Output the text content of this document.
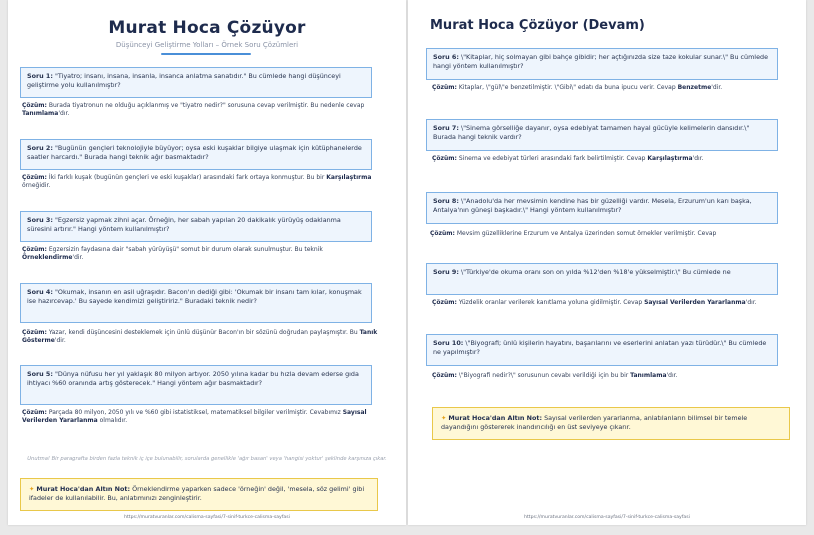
Murat Hoca Çözüyor
Düşünceyi Geliştirme Yolları – Örnek Soru Çözümleri
Soru 1: "Tiyatro; insanı, insana, insanla, insanca anlatma sanatıdır." Bu cümlede hangi düşünceyi geliştirme yolu kullanılmıştır?
Çözüm: Burada tiyatronun ne olduğu açıklanmış ve "tiyatro nedir?" sorusuna cevap verilmiştir. Bu nedenle cevap Tanımlama'dır.
Soru 2: "Bugünün gençleri teknolojiyle büyüyor; oysa eski kuşaklar bilgiye ulaşmak için kütüphanelerde saatler harcardı." Burada hangi teknik ağır basmaktadır?
Çözüm: İki farklı kuşak (bugünün gençleri ve eski kuşaklar) arasındaki fark ortaya konmuştur. Bu bir Karşılaştırma örneğidir.
Soru 3: "Egzersiz yapmak zihni açar. Örneğin, her sabah yapılan 20 dakikalık yürüyüş odaklanma süresini artırır." Hangi yöntem kullanılmıştır?
Çözüm: Egzersizin faydasına dair "sabah yürüyüşü" somut bir durum olarak sunulmuştur. Bu teknik Örneklendirme'dir.
Soru 4: "Okumak, insanın en asil uğraşıdır. Bacon'ın dediği gibi: 'Okumak bir insanı tam kılar, konuşmak ise hazırcevap.' Bu sayede kendimizi geliştiririz." Buradaki teknik nedir?
Çözüm: Yazar, kendi düşüncesini desteklemek için ünlü düşünür Bacon'ın bir sözünü doğrudan paylaşmıştır. Bu Tanık Gösterme'dir.
Soru 5: "Dünya nüfusu her yıl yaklaşık 80 milyon artıyor. 2050 yılına kadar bu hızla devam ederse gıda ihtiyacı %60 oranında artış gösterecek." Hangi yöntem ağır basmaktadır?
Çözüm: Parçada 80 milyon, 2050 yılı ve %60 gibi istatistiksel, matematiksel bilgiler verilmiştir. Cevabımız Sayısal Verilerden Yararlanma olmalıdır.
Unutma! Bir paragrafta birden fazla teknik iç içe bulunabilir, sorularda genellikle 'ağır basan' veya 'hangisi yoktur' şeklinde karşınıza çıkar.
✦ Murat Hoca'dan Altın Not: Örneklendirme yaparken sadece 'örneğin' değil, 'mesela, söz gelimi' gibi ifadeler de kullanılabilir. Bu, anlatımınızı zenginleştirir.
https://muratvuranlar.com/calisma-sayfasi/7-sinif-turkce-calisma-sayfasi
Murat Hoca Çözüyor (Devam)
Soru 6: \"Kitaplar, hiç solmayan gibi bahçe gibidir; her açtığınızda size taze kokular sunar.\" Bu cümlede hangi yöntem kullanılmıştır?
Çözüm: Kitaplar, \"gül\"e benzetilmiştir. \"Gibi\" edatı da buna ipucu verir. Cevap Benzetme'dir.
Soru 7: \"Sinema görselliğe dayanır, oysa edebiyat tamamen hayal gücüyle kelimelerin dansıdır.\" Burada hangi teknik vardır?
Çözüm: Sinema ve edebiyat türleri arasındaki fark belirtilmiştir. Cevap Karşılaştırma'dır.
Soru 8: \"Anadolu'da her mevsimin kendine has bir güzelliği vardır. Mesela, Erzurum'un karı başka, Antalya'nın güneşi başkadır.\" Hangi yöntem kullanılmıştır?
Çözüm: Mevsim güzelliklerine Erzurum ve Antalya üzerinden somut örnekler verilmiştir. Cevap
Soru 9: \"Türkiye'de okuma oranı son on yılda %12'den %18'e yükselmiştir.\" Bu cümlede ne
Çözüm: Yüzdelik oranlar verilerek kanıtlama yoluna gidilmiştir. Cevap Sayısal Verilerden Yararlanma'dır.
Soru 10: \"Biyografi; ünlü kişilerin hayatını, başarılarını ve eserlerini anlatan yazı türüdür.\" Bu cümlede ne yapılmıştır?
Çözüm: \"Biyografi nedir?\" sorusunun cevabı verildiği için bu bir Tanımlama'dır.
✦ Murat Hoca'dan Altın Not: Sayısal verilerden yararlanma, anlatılanların bilimsel bir temele dayandığını göstererek inandırıcılığı en üst seviyeye çıkarır.
https://muratvuranlar.com/calisma-sayfasi/7-sinif-turkce-calisma-sayfasi
